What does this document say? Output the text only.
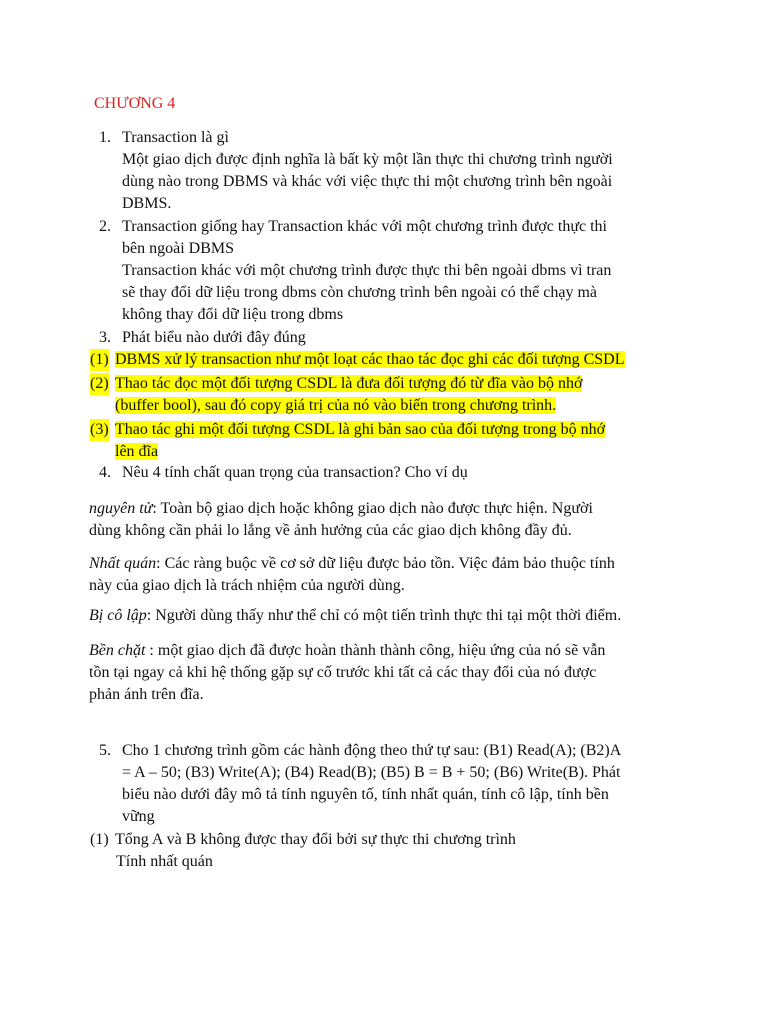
CHƯƠNG 4
1. Transaction là gì
Một giao dịch được định nghĩa là bất kỳ một lần thực thi chương trình người
dùng nào trong DBMS và khác với việc thực thi một chương trình bên ngoài
DBMS.
2. Transaction giống hay Transaction khác với một chương trình được thực thi
bên ngoài DBMS
Transaction khác với một chương trình được thực thi bên ngoài dbms vì tran
sẽ thay đổi dữ liệu trong dbms còn chương trình bên ngoài có thể chạy mà
không thay đổi dữ liệu trong dbms
3. Phát biểu nào dưới đây đúng
(1) DBMS xử lý transaction như một loạt các thao tác đọc ghi các đối tượng CSDL
(2) Thao tác đọc một đối tượng CSDL là đưa đối tượng đó từ đĩa vào bộ nhớ
(buffer bool), sau đó copy giá trị của nó vào biến trong chương trình.
(3) Thao tác ghi một đối tượng CSDL là ghi bản sao của đối tượng trong bộ nhớ
lên đĩa
4. Nêu 4 tính chất quan trọng của transaction? Cho ví dụ
nguyên tử: Toàn bộ giao dịch hoặc không giao dịch nào được thực hiện. Người
dùng không cần phải lo lắng về ảnh hưởng của các giao dịch không đầy đủ.
Nhất quán: Các ràng buộc về cơ sở dữ liệu được bảo tồn. Việc đảm bảo thuộc tính
này của giao dịch là trách nhiệm của người dùng.
Bị cô lập: Người dùng thấy như thể chỉ có một tiến trình thực thi tại một thời điểm.
Bền chặt : một giao dịch đã được hoàn thành thành công, hiệu ứng của nó sẽ vẫn
tồn tại ngay cả khi hệ thống gặp sự cố trước khi tất cả các thay đổi của nó được
phản ánh trên đĩa.
5. Cho 1 chương trình gồm các hành động theo thứ tự sau: (B1) Read(A); (B2)A
= A – 50; (B3) Write(A); (B4) Read(B); (B5) B = B + 50; (B6) Write(B). Phát
biểu nào dưới đây mô tả tính nguyên tố, tính nhất quán, tính cô lập, tính bền
vững
(1) Tổng A và B không được thay đổi bởi sự thực thi chương trình
Tính nhất quán
